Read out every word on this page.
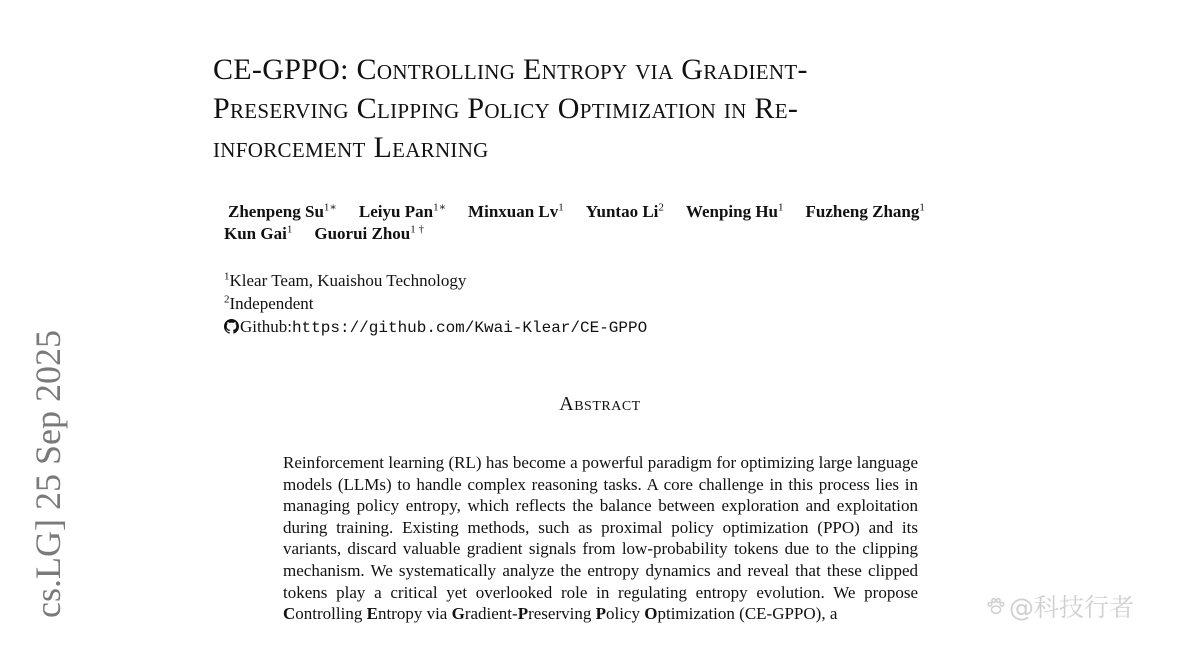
cs.LG] 25 Sep 2025
CE-GPPO: Controlling Entropy via Gradient-
Preserving Clipping Policy Optimization in Re-
inforcement Learning
Zhenpeng $Su^{1∗}$ Leiyu Pan$^{1∗}$ Minxuan Lv$^1$ Yuntao Li$^2$ Wenping Hu$^1$ Fuzheng Zhang$^1$
Kun Gai$^1$ Guorui Zhou$^{1 \dagger}$
$^1$Klear Team, Kuaishou Technology
$^2$Independent
Github:https://github.com/Kwai-Klear/CE-GPPO
Abstract

Reinforcement learning (RL) has become a powerful paradigm for optimizing large language models (LLMs) to handle complex reasoning tasks. A core challenge in this process lies in managing policy entropy, which reflects the balance between exploration and exploitation during training. Existing methods, such as proximal policy optimization (PPO) and its variants, discard valuable gradient signals from low-probability tokens due to the clipping mechanism. We systematically analyze the entropy dynamics and reveal that these clipped tokens play a critical yet overlooked role in regulating entropy evolution. We propose Controlling Entropy via Gradient-Preserving Policy Optimization (CE-GPPO), a	@科技行者
